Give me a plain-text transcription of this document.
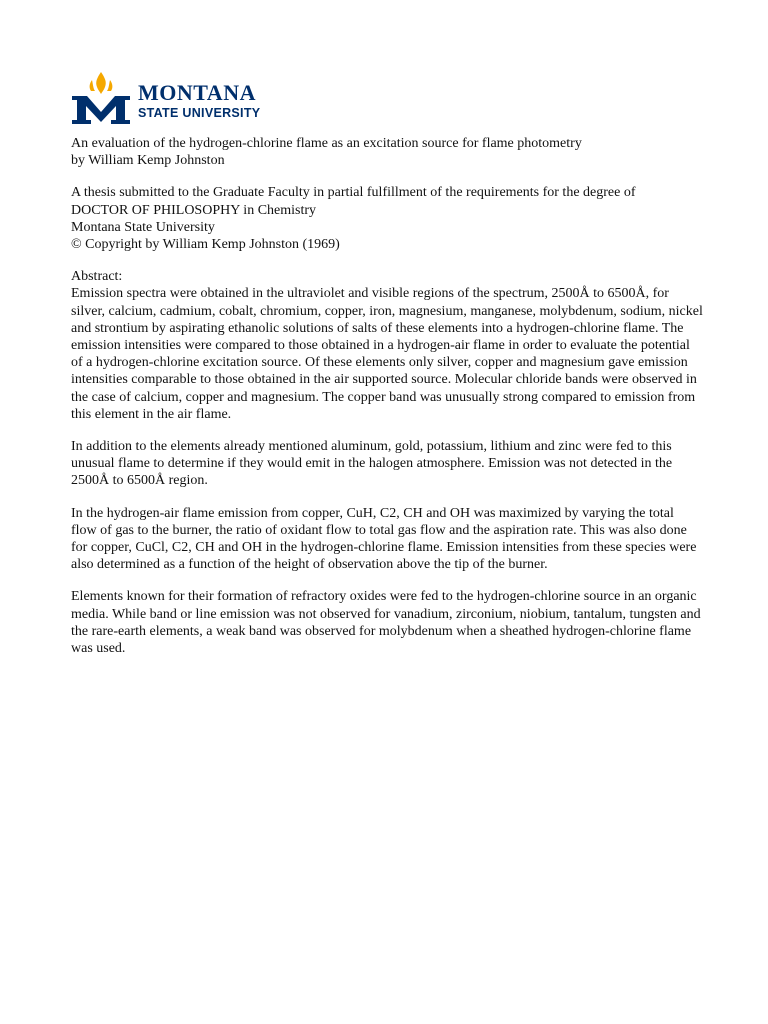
MONTANA
STATE UNIVERSITY

An evaluation of the hydrogen-chlorine flame as an excitation source for flame photometry
by William Kemp Johnston

A thesis submitted to the Graduate Faculty in partial fulfillment of the requirements for the degree of
DOCTOR OF PHILOSOPHY in Chemistry
Montana State University
© Copyright by William Kemp Johnston (1969)

Abstract:
Emission spectra were obtained in the ultraviolet and visible regions of the spectrum, 2500Å to 6500Å, for silver, calcium, cadmium, cobalt, chromium, copper, iron, magnesium, manganese, molybdenum, sodium, nickel and strontium by aspirating ethanolic solutions of salts of these elements into a hydrogen-chlorine flame. The emission intensities were compared to those obtained in a hydrogen-air flame in order to evaluate the potential of a hydrogen-chlorine excitation source. Of these elements only silver, copper and magnesium gave emission intensities comparable to those obtained in the air supported source. Molecular chloride bands were observed in the case of calcium, copper and magnesium. The copper band was unusually strong compared to emission from this element in the air flame.

In addition to the elements already mentioned aluminum, gold, potassium, lithium and zinc were fed to this unusual flame to determine if they would emit in the halogen atmosphere. Emission was not detected in the 2500Å to 6500Å region.

In the hydrogen-air flame emission from copper, CuH, C2, CH and OH was maximized by varying the total flow of gas to the burner, the ratio of oxidant flow to total gas flow and the aspiration rate. This was also done for copper, CuCl, C2, CH and OH in the hydrogen-chlorine flame. Emission intensities from these species were also determined as a function of the height of observation above the tip of the burner.

Elements known for their formation of refractory oxides were fed to the hydrogen-chlorine source in an organic media. While band or line emission was not observed for vanadium, zirconium, niobium, tantalum, tungsten and the rare-earth elements, a weak band was observed for molybdenum when a sheathed hydrogen-chlorine flame was used.
